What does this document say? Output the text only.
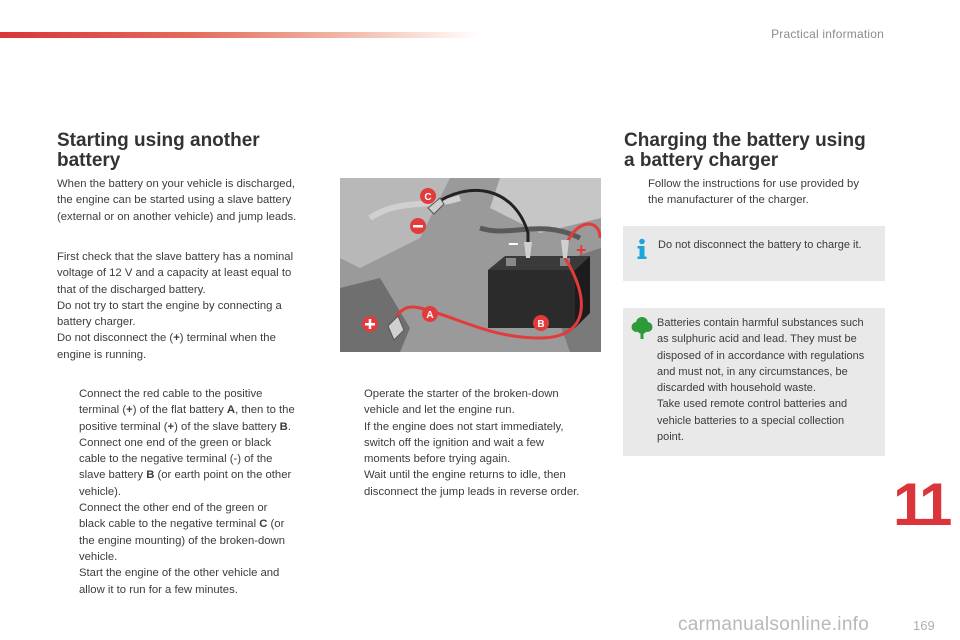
Practical information
Starting using another
battery
When the battery on your vehicle is discharged,
the engine can be started using a slave battery
(external or on another vehicle) and jump leads.
First check that the slave battery has a nominal
voltage of 12 V and a capacity at least equal to
that of the discharged battery.
Do not try to start the engine by connecting a
battery charger.
Do not disconnect the (+) terminal when the
engine is running.
Connect the red cable to the positive
terminal (+) of the flat battery A, then to the
positive terminal (+) of the slave battery B.
Connect one end of the green or black
cable to the negative terminal (-) of the
slave battery B (or earth point on the other
vehicle).
Connect the other end of the green or
black cable to the negative terminal C (or
the engine mounting) of the broken-down
vehicle.
Start the engine of the other vehicle and
allow it to run for a few minutes.
C
A
B
−	+
Operate the starter of the broken-down
vehicle and let the engine run.
If the engine does not start immediately,
switch off the ignition and wait a few
moments before trying again.
Wait until the engine returns to idle, then
disconnect the jump leads in reverse order.
Charging the battery using
a battery charger
Follow the instructions for use provided by
the manufacturer of the charger.
Do not disconnect the battery to charge it.
Batteries contain harmful substances such
as sulphuric acid and lead. They must be
disposed of in accordance with regulations
and must not, in any circumstances, be
discarded with household waste.
Take used remote control batteries and
vehicle batteries to a special collection
point.
11
169
carmanualsonline.info
